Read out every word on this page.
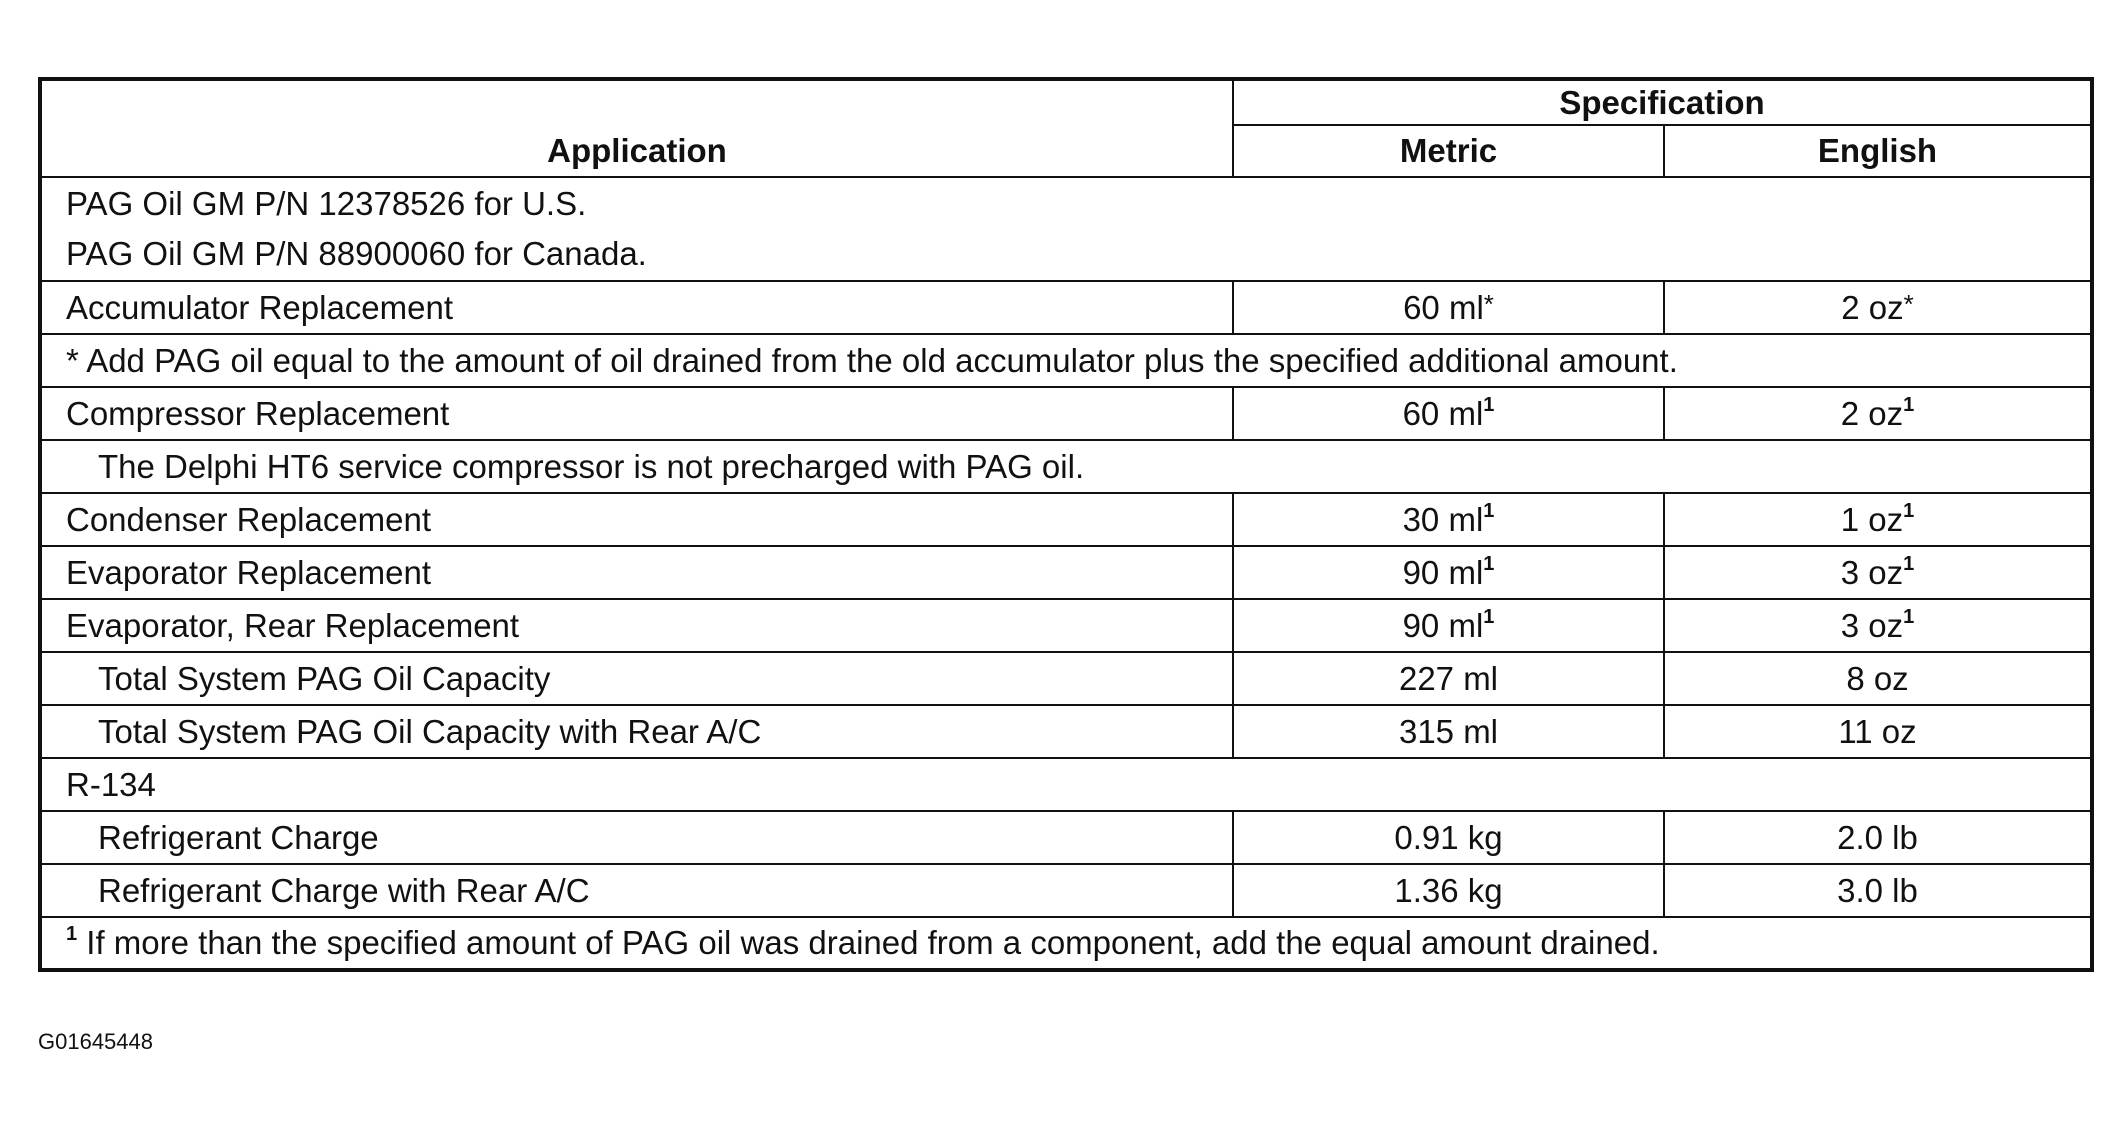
Application	Specification	
	Metric	English

PAG Oil GM P/N 12378526 for U.S.
PAG Oil GM P/N 88900060 for Canada.		

Accumulator Replacement	60 ml*	2 oz*
* Add PAG oil equal to the amount of oil drained from the old accumulator plus the specified additional amount.		
Compressor Replacement	60 $ml^1$	2 $oz^1$
The Delphi HT6 service compressor is not precharged with PAG oil.		
Condenser Replacement	30 $ml^1$	1 $oz^1$
Evaporator Replacement	90 $ml^1$	3 $oz^1$
Evaporator, Rear Replacement	90 $ml^1$	3 $oz^1$
Total System PAG Oil Capacity	227 ml	8 oz
Total System PAG Oil Capacity with Rear A/C	315 ml	11 oz
R-134		
Refrigerant Charge	0.91 kg	2.0 lb
Refrigerant Charge with Rear A/C	1.36 kg	3.0 lb
$^1$ If more than the specified amount of PAG oil was drained from a component, add the equal amount drained.		
G01645448
